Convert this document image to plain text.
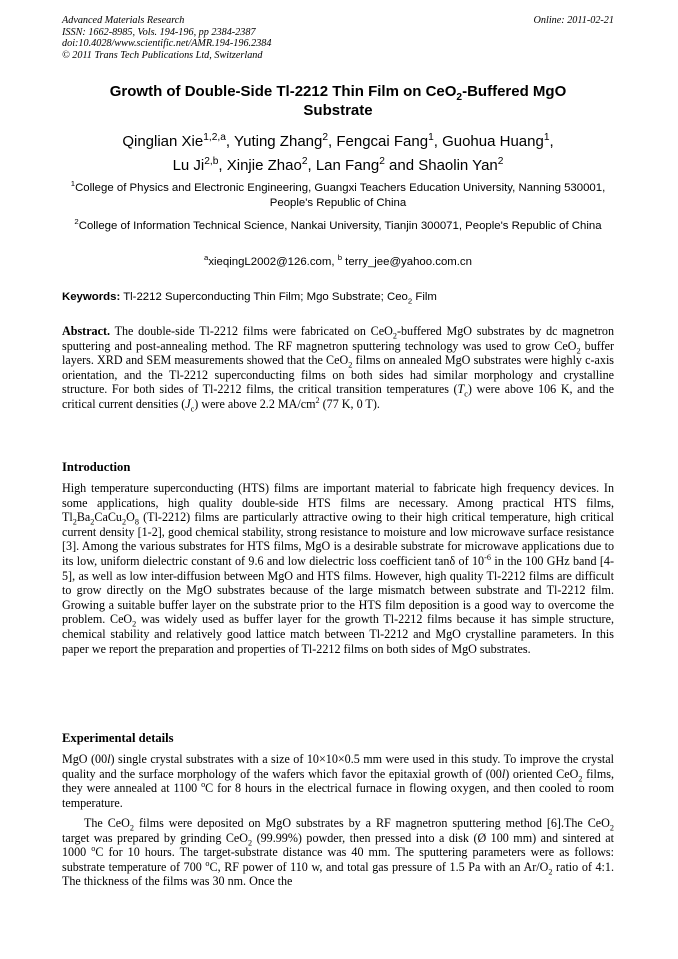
Advanced Materials Research
ISSN: 1662-8985, Vols. 194-196, pp 2384-2387
doi:10.4028/www.scientific.net/AMR.194-196.2384
© 2011 Trans Tech Publications Ltd, Switzerland
Online: 2011-02-21
Growth of Double-Side Tl-2212 Thin Film on CeO$_2$-Buffered MgO
Substrate
Qinglian Xie$^{1,2,a}$, Yuting Zhang$^2$, Fengcai Fang$^1$, Guohua Huang$^1$,
Lu Ji$^{2,b}$, Xinjie Zhao$^2$, Lan Fang$^2$ and Shaolin Yan$^2$
$^1$College of Physics and Electronic Engineering, Guangxi Teachers Education University, Nanning 530001, People's Republic of China
$^2$College of Information Technical Science, Nankai University, Tianjin 300071, People's Republic of China
$^a$xieqingL2002@126.com, $^b$ terry_jee@yahoo.com.cn
Keywords: Tl-2212 Superconducting Thin Film; Mgo Substrate; Ceo$_2$ Film
Abstract. The double-side Tl-2212 films were fabricated on CeO$_2$-buffered MgO substrates by dc magnetron sputtering and post-annealing method. The RF magnetron sputtering technology was used to grow CeO$_2$ buffer layers. XRD and SEM measurements showed that the CeO$_2$ films on annealed MgO substrates were highly c-axis orientation, and the Tl-2212 superconducting films on both sides had similar morphology and crystalline structure. For both sides of Tl-2212 films, the critical transition temperatures $(T_c)$ were above 106 K, and the critical current densities $(J_c)$ were above 2.2 $MA/cm^2$ (77 K, 0 T).
Introduction
High temperature superconducting (HTS) films are important material to fabricate high frequency devices. In some applications, high quality double-side HTS films are necessary. Among practical HTS films, $Tl_2Ba_2CaCu_2O_8$ (Tl-2212) films are particularly attractive owing to their high critical temperature, high critical current density [1-2], good chemical stability, strong resistance to moisture and low microwave surface resistance [3]. Among the various substrates for HTS films, MgO is a desirable substrate for microwave applications due to its low, uniform dielectric constant of 9.6 and low dielectric loss coefficient tanδ of $10^{-6}$ in the 100 GHz band [4-5], as well as low inter-diffusion between MgO and HTS films. However, high quality Tl-2212 films are difficult to grow directly on the MgO substrates because of the large mismatch between substrate and Tl-2212 film. Growing a suitable buffer layer on the substrate prior to the HTS film deposition is a good way to overcome the problem. CeO$_2$ was widely used as buffer layer for the growth Tl-2212 films because it has simple structure, chemical stability and relatively good lattice match between Tl-2212 and MgO crystalline parameters. In this paper we report the preparation and properties of Tl-2212 films on both sides of MgO substrates.
Experimental details
MgO (00l) single crystal substrates with a size of 10×10×0.5 mm were used in this study. To improve the crystal quality and the surface morphology of the wafers which favor the epitaxial growth of (00l) oriented CeO$_2$ films, they were annealed at 1100 $^o$C for 8 hours in the electrical furnace in flowing oxygen, and then cooled to room temperature.
The CeO$_2$ films were deposited on MgO substrates by a RF magnetron sputtering method [6].The CeO$_2$ target was prepared by grinding CeO$_2$ (99.99%) powder, then pressed into a disk (Ø 100 mm) and sintered at 1000 $^o$C for 10 hours. The target-substrate distance was 40 mm. The sputtering parameters were as follows: substrate temperature of 700 $^o$C, RF power of 110 w, and total gas pressure of 1.5 Pa with an $Ar/O_2$ ratio of 4:1. The thickness of the films was 30 nm. Once the
